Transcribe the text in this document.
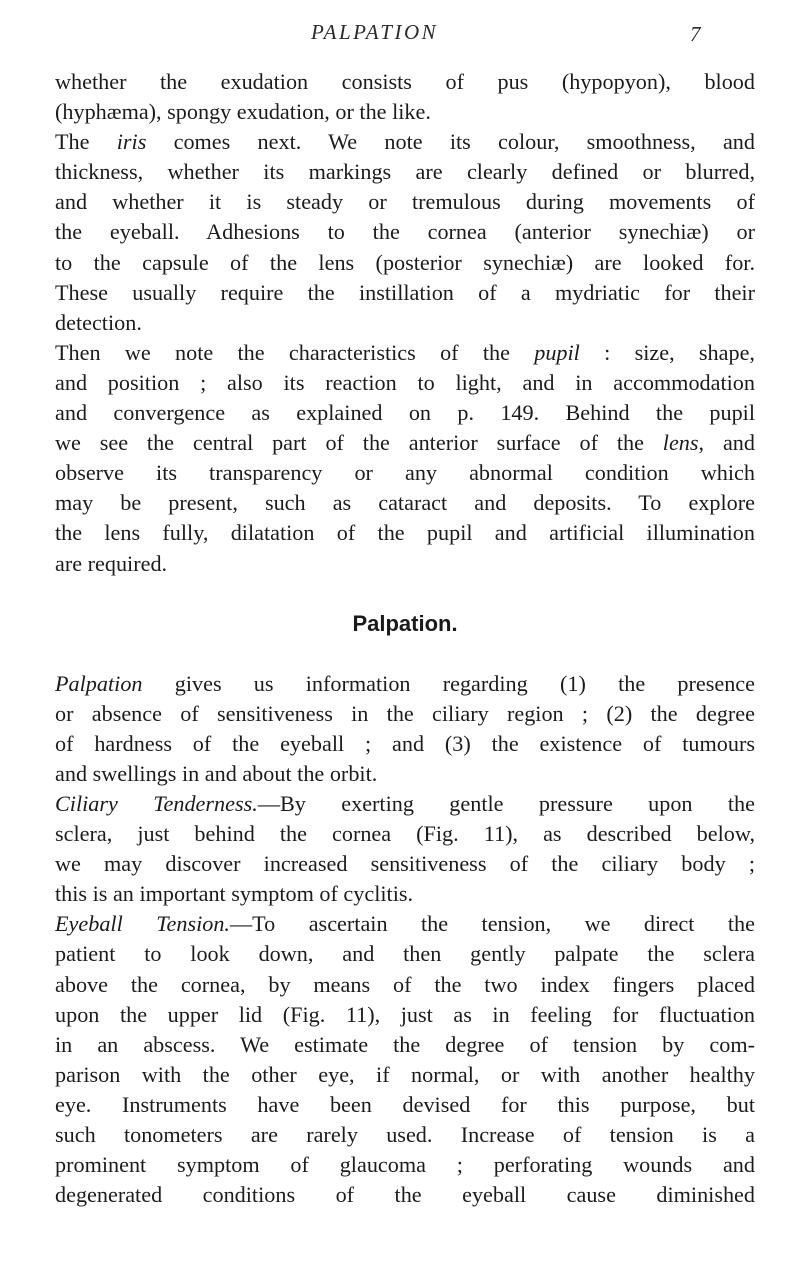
PALPATION	7
whether the exudation consists of pus (hypopyon), blood
(hyphæma), spongy exudation, or the like.
The iris comes next. We note its colour, smoothness, and
thickness, whether its markings are clearly defined or blurred,
and whether it is steady or tremulous during movements of
the eyeball. Adhesions to the cornea (anterior synechiæ) or
to the capsule of the lens (posterior synechiæ) are looked for.
These usually require the instillation of a mydriatic for their
detection.
Then we note the characteristics of the pupil : size, shape,
and position ; also its reaction to light, and in accommodation
and convergence as explained on p. 149. Behind the pupil
we see the central part of the anterior surface of the lens, and
observe its transparency or any abnormal condition which
may be present, such as cataract and deposits. To explore
the lens fully, dilatation of the pupil and artificial illumination
are required.
Palpation.
Palpation gives us information regarding (1) the presence
or absence of sensitiveness in the ciliary region ; (2) the degree
of hardness of the eyeball ; and (3) the existence of tumours
and swellings in and about the orbit.
Ciliary Tenderness.—By exerting gentle pressure upon the
sclera, just behind the cornea (Fig. 11), as described below,
we may discover increased sensitiveness of the ciliary body ;
this is an important symptom of cyclitis.
Eyeball Tension.—To ascertain the tension, we direct the
patient to look down, and then gently palpate the sclera
above the cornea, by means of the two index fingers placed
upon the upper lid (Fig. 11), just as in feeling for fluctuation
in an abscess. We estimate the degree of tension by com-
parison with the other eye, if normal, or with another healthy
eye. Instruments have been devised for this purpose, but
such tonometers are rarely used. Increase of tension is a
prominent symptom of glaucoma ; perforating wounds and
degenerated conditions of the eyeball cause diminished
